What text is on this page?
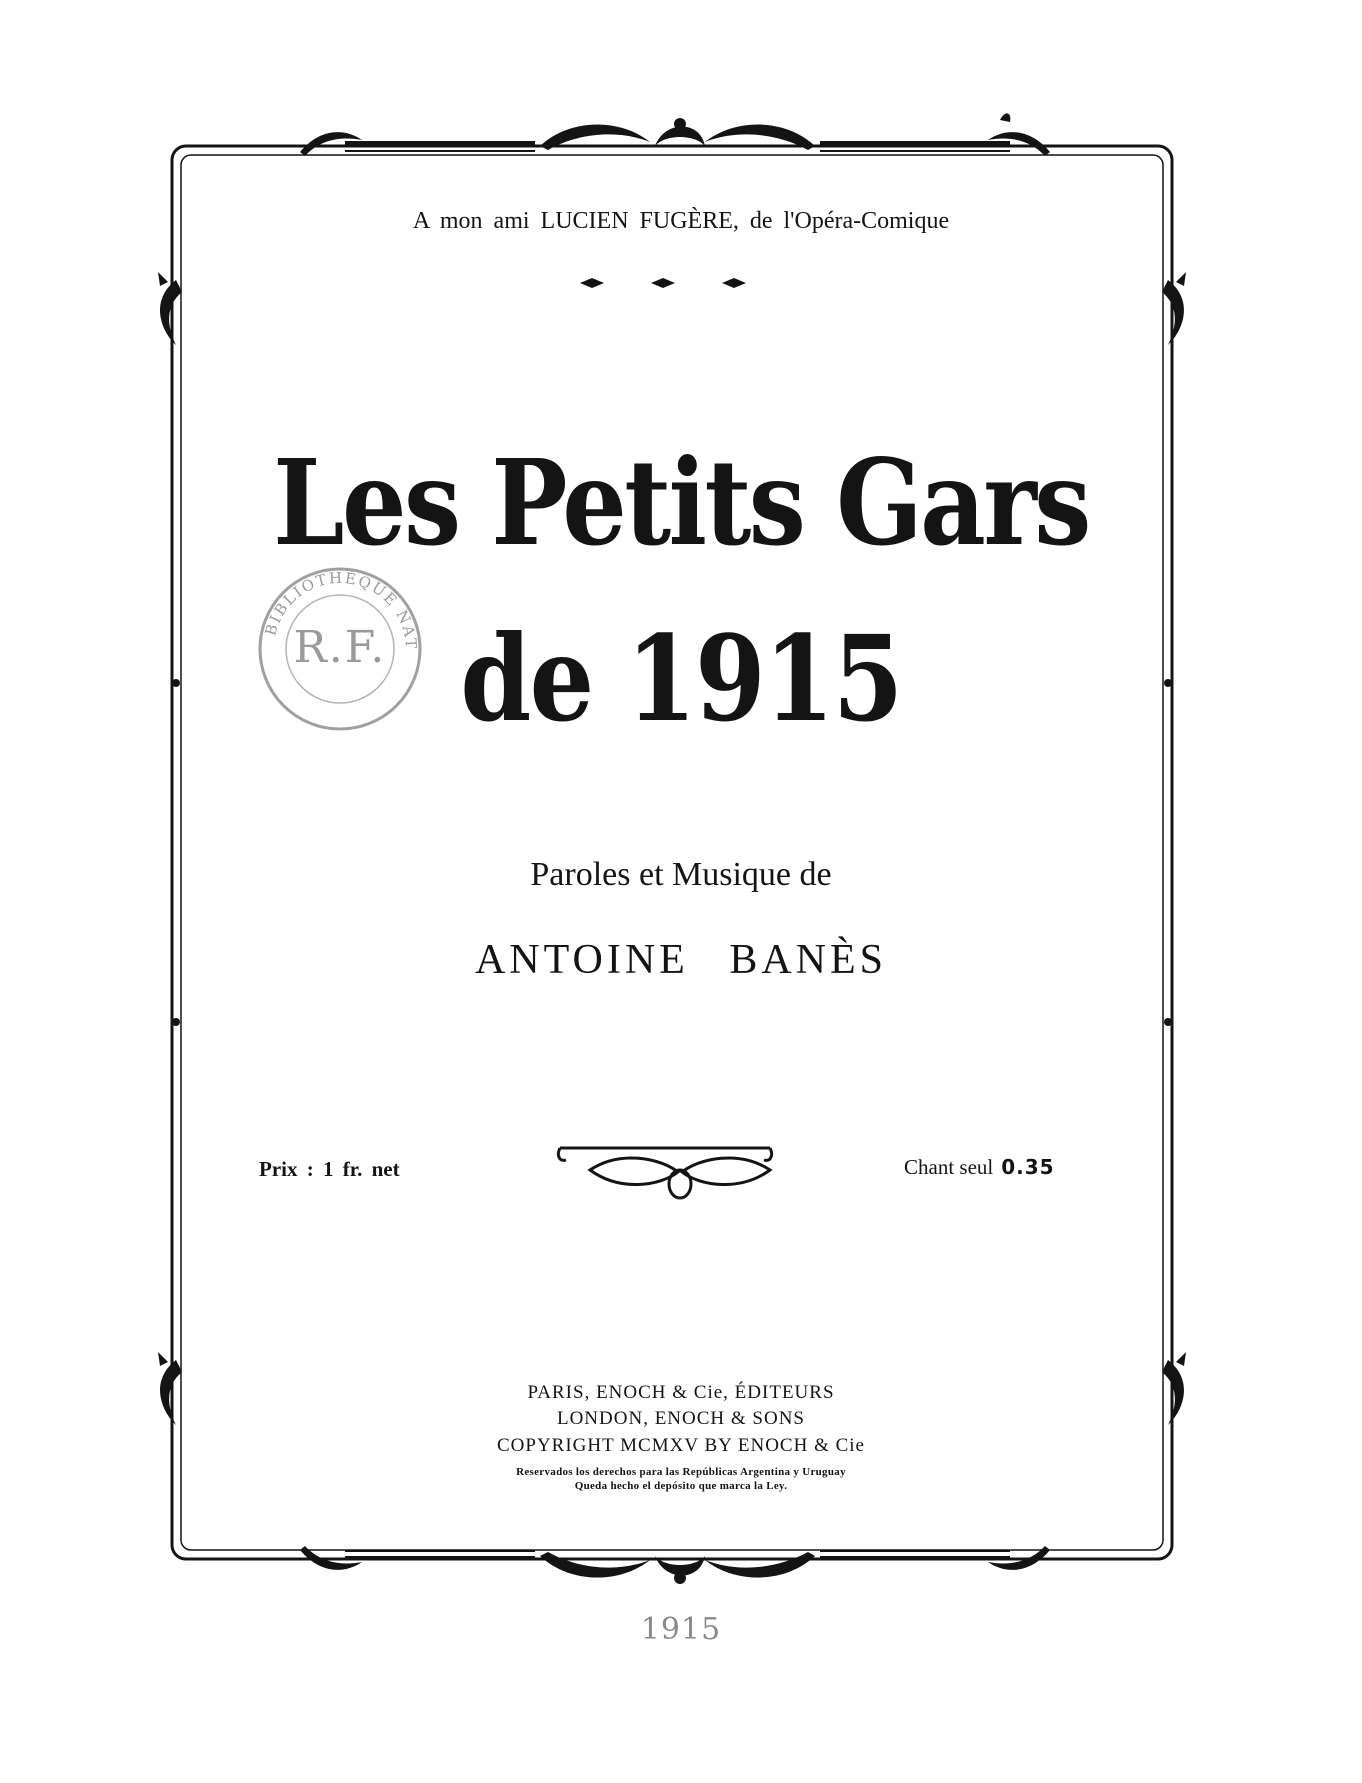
BIBLIOTHÈQUE NAT
R.F.
A mon ami LUCIEN FUGÈRE, de l'Opéra-Comique
Les Petits Gars
de 1915
Paroles et Musique de
ANTOINE BANÈS
Prix : 1 fr. net	Chant seul 0.35
PARIS, ENOCH & Cie, ÉDITEURS
LONDON, ENOCH & SONS
COPYRIGHT MCMXV BY ENOCH & Cie
Reservados los derechos para las Repúblicas Argentina y Uruguay
Queda hecho el depósito que marca la Ley.
1915
